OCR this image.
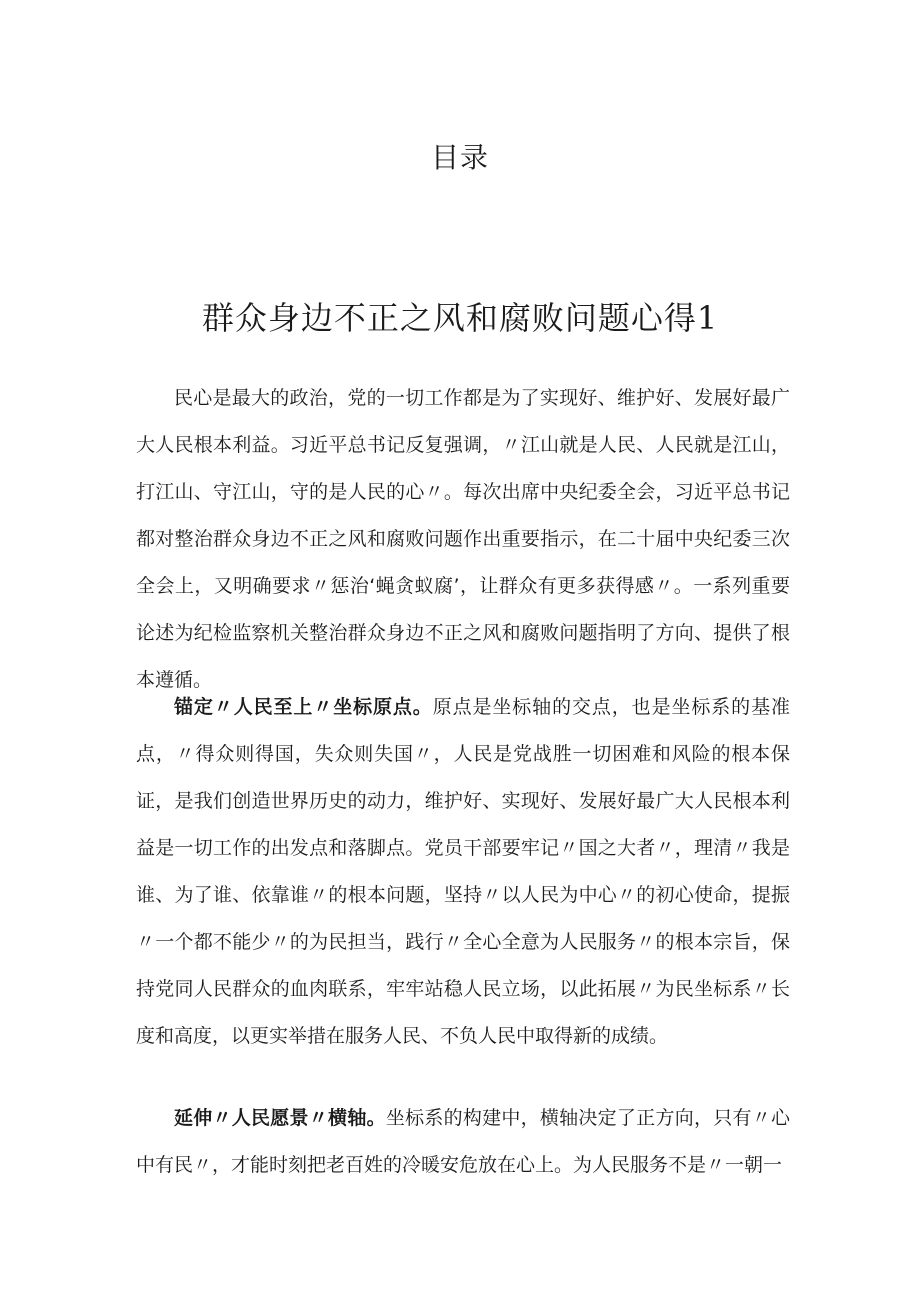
目录
群众身边不正之风和腐败问题心得1

民心是最大的政治，党的一切工作都是为了实现好、维护好、发展好最广大人民根本利益。习近平总书记反复强调，〃江山就是人民、人民就是江山，打江山、守江山，守的是人民的心〃。每次出席中央纪委全会，习近平总书记都对整治群众身边不正之风和腐败问题作出重要指示，在二十届中央纪委三次全会上，又明确要求〃惩治‘蝇贪蚁腐’，让群众有更多获得感〃。一系列重要论述为纪检监察机关整治群众身边不正之风和腐败问题指明了方向、提供了根本遵循。

锚定〃人民至上〃坐标原点。原点是坐标轴的交点，也是坐标系的基准点，〃得众则得国，失众则失国〃，人民是党战胜一切困难和风险的根本保证，是我们创造世界历史的动力，维护好、实现好、发展好最广大人民根本利益是一切工作的出发点和落脚点。党员干部要牢记〃国之大者〃，理清〃我是谁、为了谁、依靠谁〃的根本问题，坚持〃以人民为中心〃的初心使命，提振〃一个都不能少〃的为民担当，践行〃全心全意为人民服务〃的根本宗旨，保持党同人民群众的血肉联系，牢牢站稳人民立场，以此拓展〃为民坐标系〃长度和高度，以更实举措在服务人民、不负人民中取得新的成绩。

延伸〃人民愿景〃横轴。坐标系的构建中，横轴决定了正方向，只有〃心中有民〃，才能时刻把老百姓的冷暖安危放在心上。为人民服务不是〃一朝一
